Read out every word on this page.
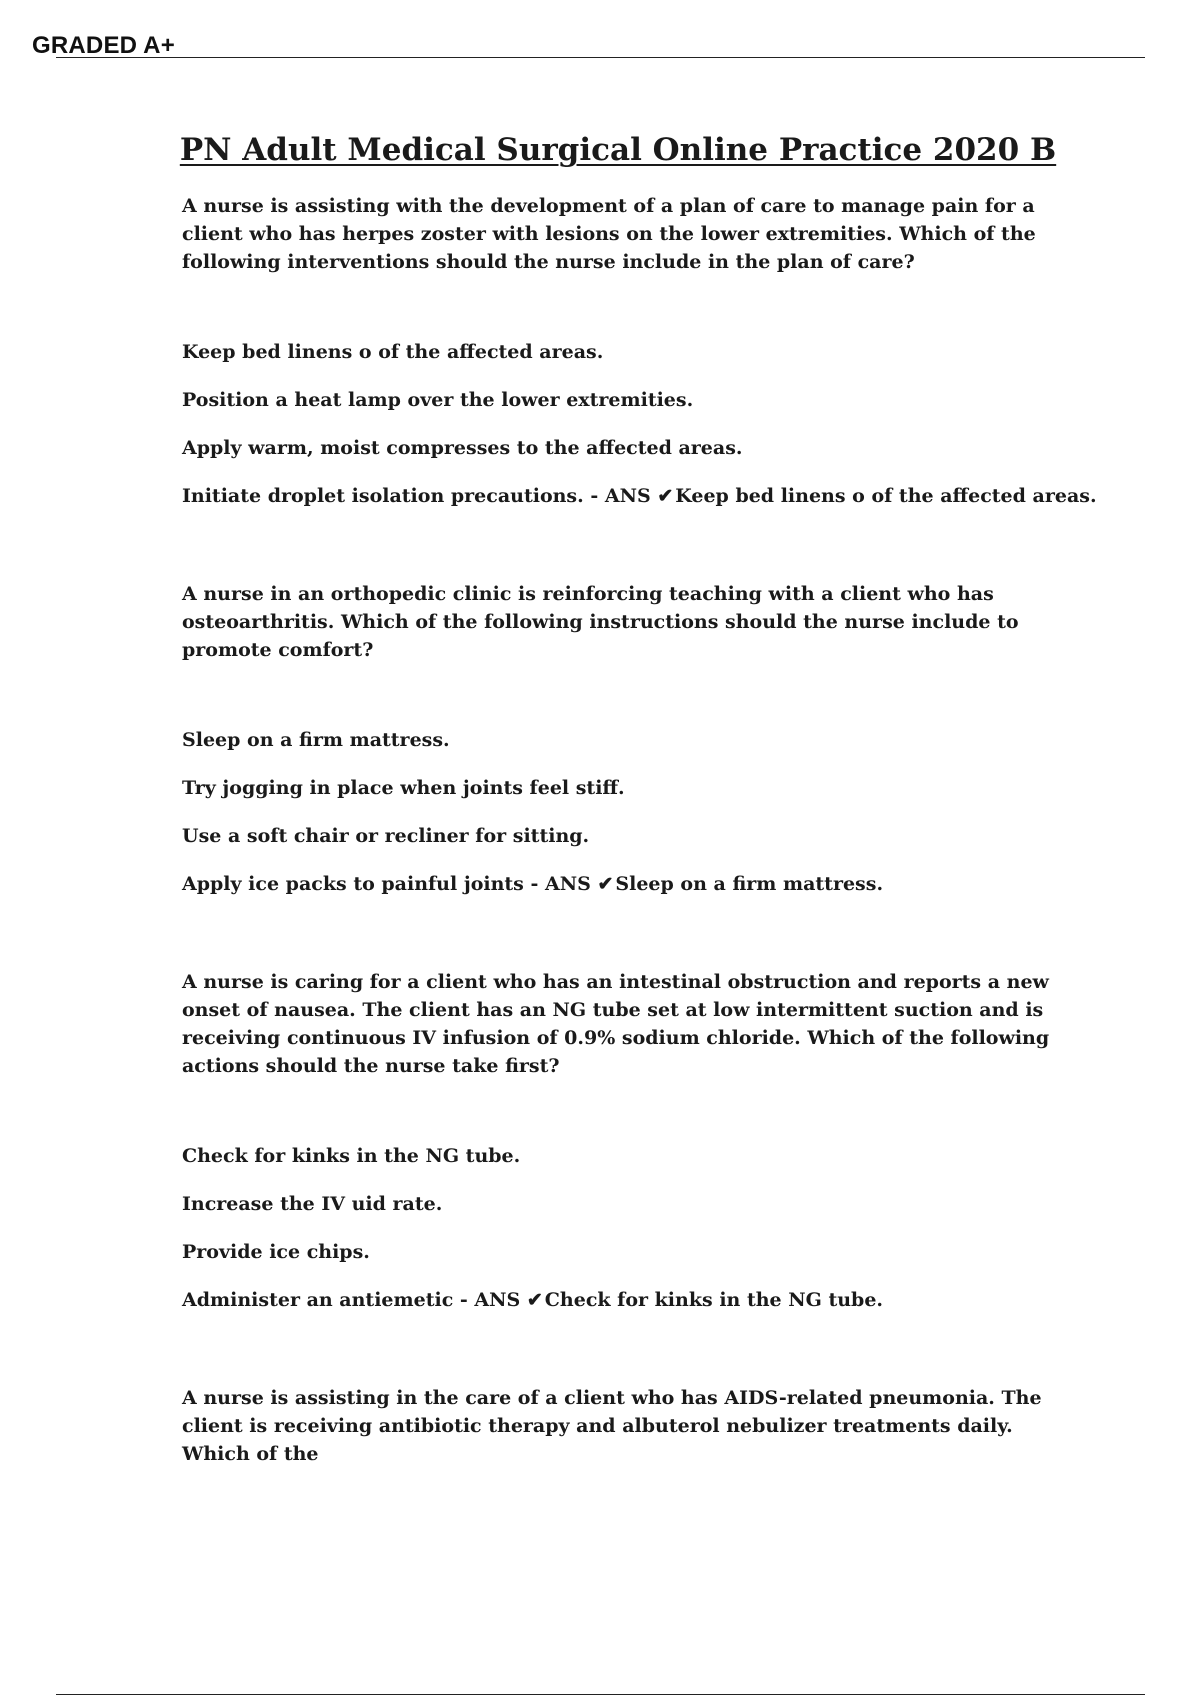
GRADED A+
PN Adult Medical Surgical Online Practice 2020 B

A nurse is assisting with the development of a plan of care to manage pain for a client who has herpes zoster with lesions on the lower extremities. Which of the following interventions should the nurse include in the plan of care?

Keep bed linens o of the affected areas.
Position a heat lamp over the lower extremities.
Apply warm, moist compresses to the affected areas.
Initiate droplet isolation precautions. - ANS ✔ Keep bed linens o of the affected areas.

A nurse in an orthopedic clinic is reinforcing teaching with a client who has osteoarthritis. Which of the following instructions should the nurse include to promote comfort?

Sleep on a firm mattress.
Try jogging in place when joints feel stiff.
Use a soft chair or recliner for sitting.
Apply ice packs to painful joints - ANS ✔ Sleep on a firm mattress.

A nurse is caring for a client who has an intestinal obstruction and reports a new onset of nausea. The client has an NG tube set at low intermittent suction and is receiving continuous IV infusion of 0.9% sodium chloride. Which of the following actions should the nurse take first?

Check for kinks in the NG tube.
Increase the IV uid rate.
Provide ice chips.
Administer an antiemetic - ANS ✔ Check for kinks in the NG tube.

A nurse is assisting in the care of a client who has AIDS-related pneumonia. The client is receiving antibiotic therapy and albuterol nebulizer treatments daily. Which of the
